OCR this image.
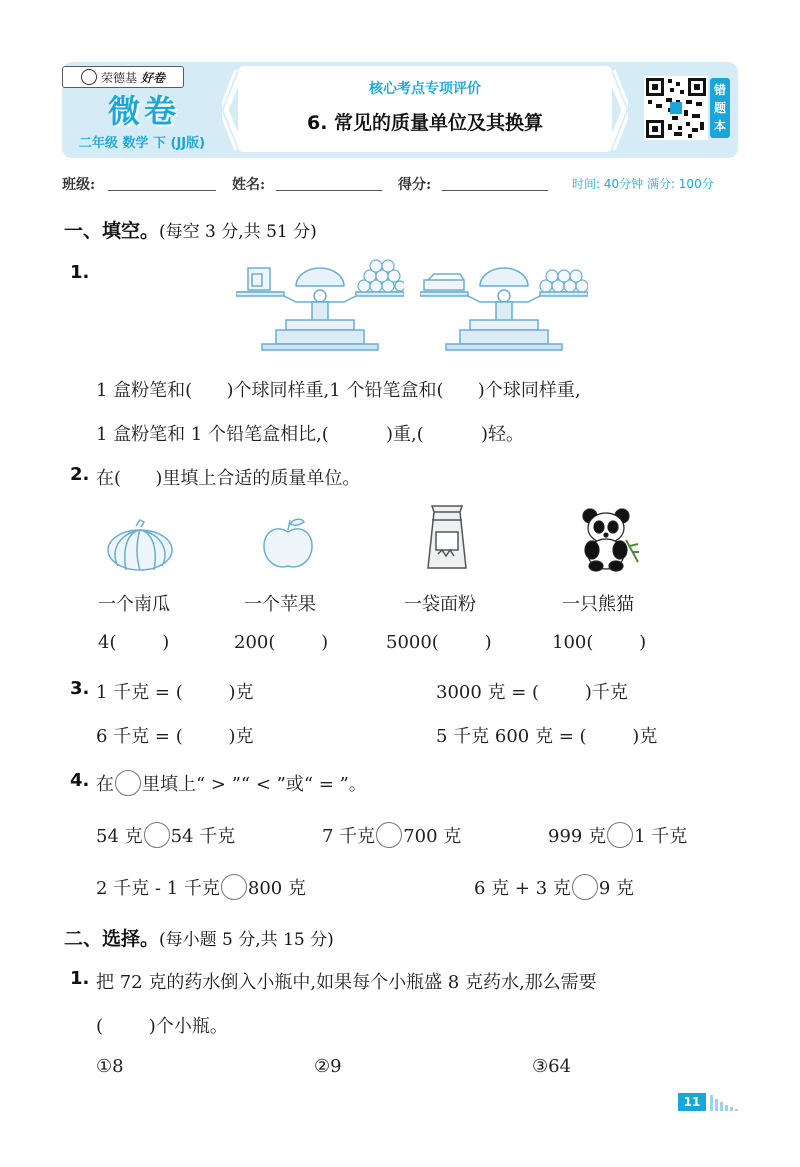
荣德基 好卷
微卷
二年级 数学 下 (JJ版)
核心考点专项评价
6. 常见的质量单位及其换算
错
题
本
班级:	姓名:	得分:	时间: 40分钟 满分: 100分
一、填空。(每空 3 分,共 51 分)
1.
1 盒粉笔和(      )个球同样重,1 个铅笔盒和(      )个球同样重,
1 盒粉笔和 1 个铅笔盒相比,(          )重,(          )轻。
2. 在(      )里填上合适的质量单位。
一个南瓜	一个苹果	一袋面粉	一只熊猫
4(        )	200(        )	5000(        )	100(        )
3. 1 千克 = (        )克	3000 克 = (        )千克
6 千克 = (        )克	5 千克 600 克 = (        )克
4. 在 里填上“ > ”“ < ”或“ = ”。
54 克 54 千克	7 千克 700 克	999 克 1 千克
2 千克 - 1 千克 800 克	6 克 + 3 克 9 克
二、选择。(每小题 5 分,共 15 分)
1. 把 72 克的药水倒入小瓶中,如果每个小瓶盛 8 克药水,那么需要
(        )个小瓶。
①8	②9	③64
11
